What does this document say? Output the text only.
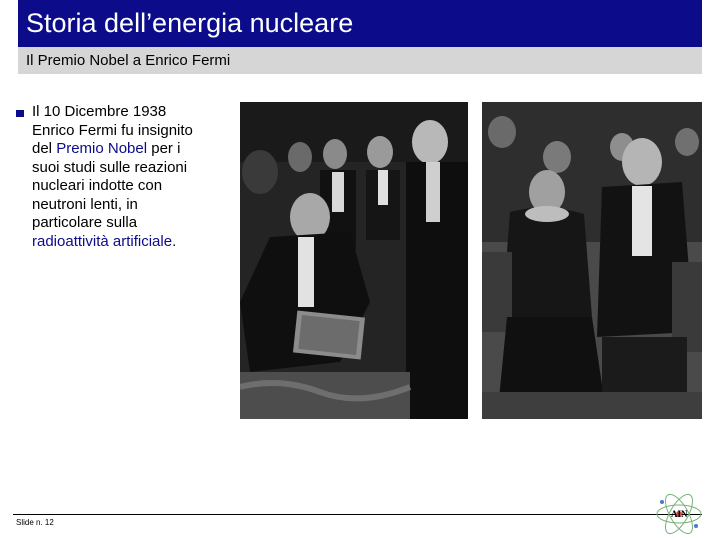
Storia dell’energia nucleare
Il Premio Nobel a Enrico Fermi
Il 10 Dicembre 1938 Enrico Fermi fu insignito del Premio Nobel per i suoi studi sulle reazioni nucleari indotte con neutroni lenti, in particolare sulla radioattività artificiale.
Slide n. 12
AIN
